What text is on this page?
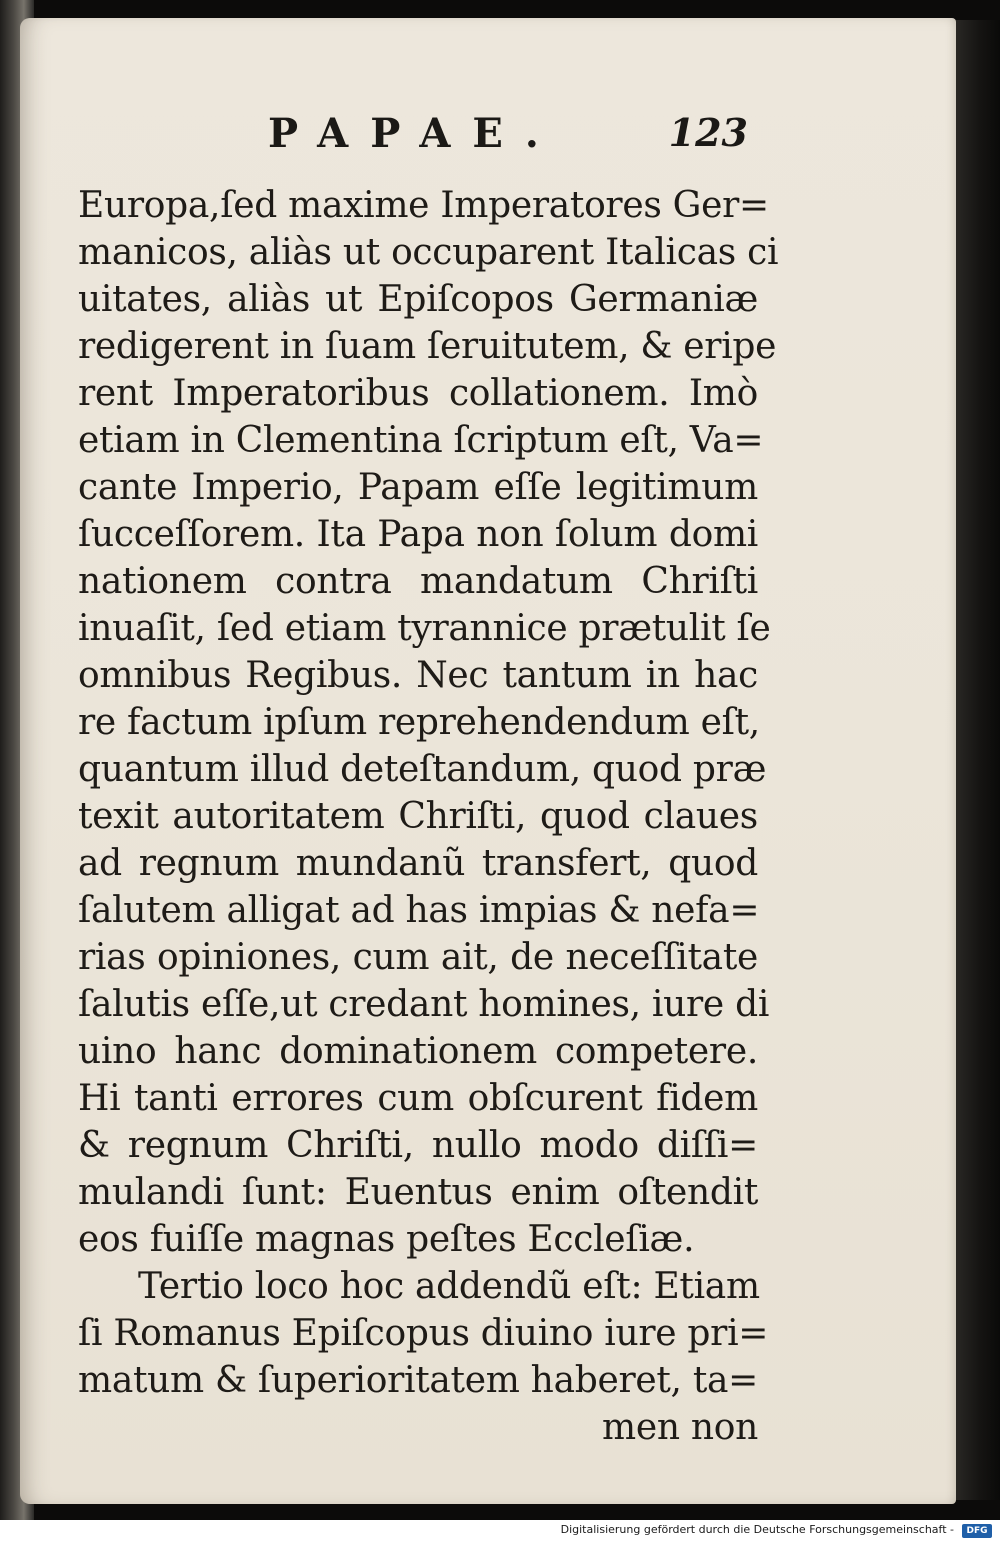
PAPAE.	123
Europa,ſed maxime Imperatores Ger=
manicos, aliàs ut occuparent Italicas ci
uitates, aliàs ut Epiſcopos Germaniæ
redigerent in ſuam ſeruitutem, & eripe
rent Imperatoribus collationem. Imò
etiam in Clementina ſcriptum eſt, Va=
cante Imperio, Papam eſſe legitimum
ſucceſſorem. Ita Papa non ſolum domi
nationem contra mandatum Chriſti
inuaſit, ſed etiam tyrannice prætulit ſe
omnibus Regibus. Nec tantum in hac
re factum ipſum reprehendendum eſt,
quantum illud deteſtandum, quod præ
texit autoritatem Chriſti, quod claues
ad regnum mundanũ transfert, quod
ſalutem alligat ad has impias & nefa=
rias opiniones, cum ait, de neceſſitate
ſalutis eſſe,ut credant homines, iure di
uino hanc dominationem competere.
Hi tanti errores cum obſcurent fidem
& regnum Chriſti, nullo modo diſſi=
mulandi ſunt: Euentus enim oſtendit
eos fuiſſe magnas peſtes Eccleſiæ.
Tertio loco hoc addendũ eſt: Etiam
ſi Romanus Epiſcopus diuino iure pri=
matum & ſuperioritatem haberet, ta=
men non
Digitalisierung gefördert durch die Deutsche Forschungsgemeinschaft -	DFG
